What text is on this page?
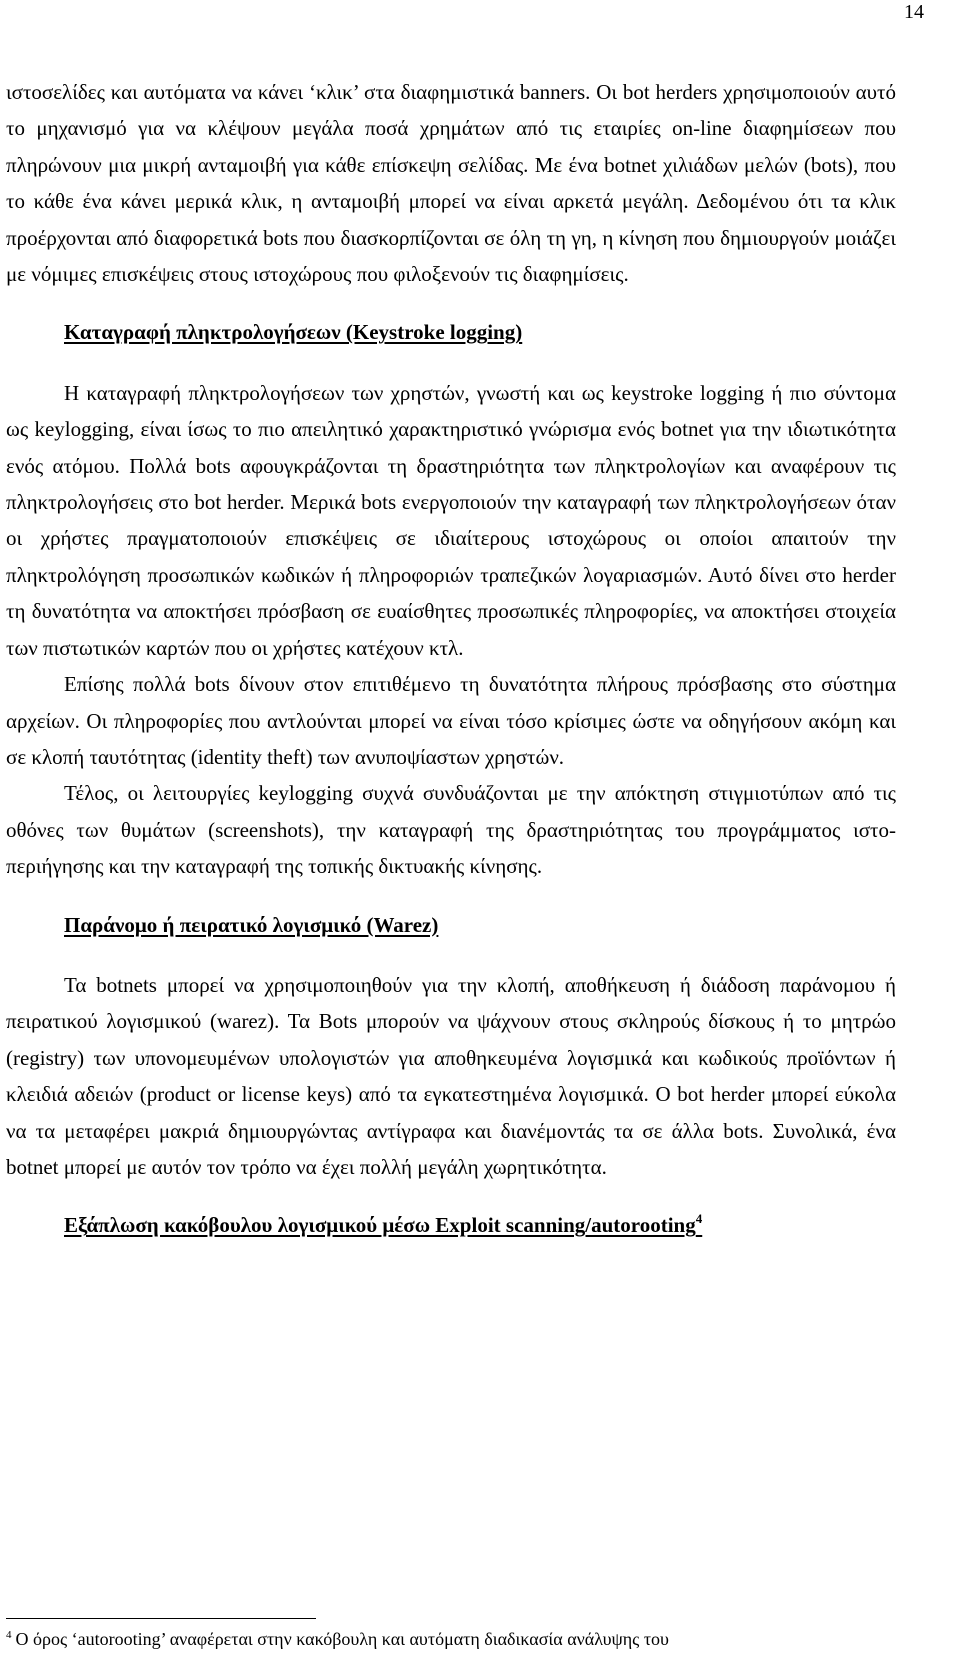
14

ιστοσελίδες και αυτόματα να κάνει ‘κλικ’ στα διαφημιστικά banners. Οι bot herders χρησιμοποιούν αυτό το μηχανισμό για να κλέψουν μεγάλα ποσά χρημάτων από τις εταιρίες on-line διαφημίσεων που πληρώνουν μια μικρή ανταμοιβή για κάθε επίσκεψη σελίδας. Με ένα botnet χιλιάδων μελών (bots), που το κάθε ένα κάνει μερικά κλικ, η ανταμοιβή μπορεί να είναι αρκετά μεγάλη. Δεδομένου ότι τα κλικ προέρχονται από διαφορετικά bots που διασκορπίζονται σε όλη τη γη, η κίνηση που δημιουργούν μοιάζει με νόμιμες επισκέψεις στους ιστοχώρους που φιλοξενούν τις διαφημίσεις.

Καταγραφή πληκτρολογήσεων (Keystroke logging)

Η καταγραφή πληκτρολογήσεων των χρηστών, γνωστή και ως keystroke logging ή πιο σύντομα ως keylogging, είναι ίσως το πιο απειλητικό χαρακτηριστικό γνώρισμα ενός botnet για την ιδιωτικότητα ενός ατόμου. Πολλά bots αφουγκράζονται τη δραστηριότητα των πληκτρολογίων και αναφέρουν τις πληκτρολογήσεις στο bot herder. Μερικά bots ενεργοποιούν την καταγραφή των πληκτρολογήσεων όταν οι χρήστες πραγματοποιούν επισκέψεις σε ιδιαίτερους ιστοχώρους οι οποίοι απαιτούν την πληκτρολόγηση προσωπικών κωδικών ή πληροφοριών τραπεζικών λογαριασμών. Αυτό δίνει στο herder τη δυνατότητα να αποκτήσει πρόσβαση σε ευαίσθητες προσωπικές πληροφορίες, να αποκτήσει στοιχεία των πιστωτικών καρτών που οι χρήστες κατέχουν κτλ.

Επίσης πολλά bots δίνουν στον επιτιθέμενο τη δυνατότητα πλήρους πρόσβασης στο σύστημα αρχείων. Οι πληροφορίες που αντλούνται μπορεί να είναι τόσο κρίσιμες ώστε να οδηγήσουν ακόμη και σε κλοπή ταυτότητας (identity theft) των ανυποψίαστων χρηστών.

Τέλος, οι λειτουργίες keylogging συχνά συνδυάζονται με την απόκτηση στιγμιοτύπων από τις οθόνες των θυμάτων (screenshots), την καταγραφή της δραστηριότητας του προγράμματος ιστο-περιήγησης και την καταγραφή της τοπικής δικτυακής κίνησης.

Παράνομο ή πειρατικό λογισμικό (Warez)

Τα botnets μπορεί να χρησιμοποιηθούν για την κλοπή, αποθήκευση ή διάδοση παράνομου ή πειρατικού λογισμικού (warez). Τα Bots μπορούν να ψάχνουν στους σκληρούς δίσκους ή το μητρώο (registry) των υπονομευμένων υπολογιστών για αποθηκευμένα λογισμικά και κωδικούς προϊόντων ή κλειδιά αδειών (product or license keys) από τα εγκατεστημένα λογισμικά. Ο bot herder μπορεί εύκολα να τα μεταφέρει μακριά δημιουργώντας αντίγραφα και διανέμοντάς τα σε άλλα bots. Συνολικά, ένα botnet μπορεί με αυτόν τον τρόπο να έχει πολλή μεγάλη χωρητικότητα.

Εξάπλωση κακόβουλου λογισμικού μέσω Exploit scanning/autorooting$^4$
$^4$ Ο όρος ‘autorooting’ αναφέρεται στην κακόβουλη και αυτόματη διαδικασία ανάλυψης του
